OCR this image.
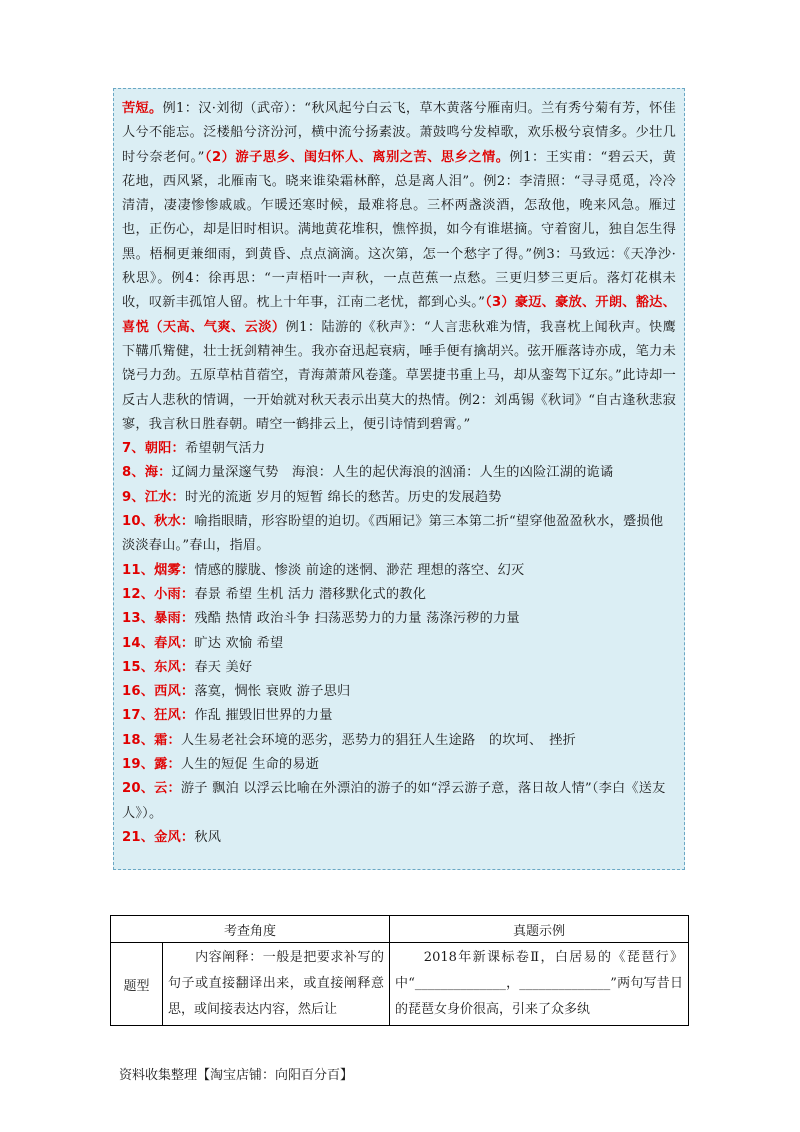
苦短。例1：汉·刘彻（武帝）：“秋风起兮白云飞，草木黄落兮雁南归。兰有秀兮菊有芳，怀佳人兮不能忘。泛楼船兮济汾河，横中流兮扬素波。萧鼓鸣兮发棹歌，欢乐极兮哀情多。少壮几时兮奈老何。”（2）游子思乡、闺妇怀人、离别之苦、思乡之情。例1：王实甫：“碧云天，黄花地，西风紧，北雁南飞。晓来谁染霜林醉，总是离人泪”。例2：李清照：“寻寻觅觅，冷冷清清，凄凄惨惨戚戚。乍暖还寒时候，最难将息。三杯两盏淡酒，怎敌他，晚来风急。雁过也，正伤心，却是旧时相识。满地黄花堆积，憔悴损，如今有谁堪摘。守着窗儿，独自怎生得黑。梧桐更兼细雨，到黄昏、点点滴滴。这次第，怎一个愁字了得。”例3：马致远：《天净沙·秋思》。例4：徐再思：“一声梧叶一声秋，一点芭蕉一点愁。三更归梦三更后。落灯花棋未收，叹新丰孤馆人留。枕上十年事，江南二老忧，都到心头。”（3）豪迈、豪放、开朗、豁达、喜悦（天高、气爽、云淡）例1：陆游的《秋声》：“人言悲秋难为情，我喜枕上闻秋声。快鹰下鞲爪觜健，壮士抚剑精神生。我亦奋迅起衰病，唾手便有擒胡兴。弦开雁落诗亦成，笔力未饶弓力劲。五原草枯苜蓿空，青海萧萧风卷蓬。草罢捷书重上马，却从銮驾下辽东。”此诗却一反古人悲秋的情调，一开始就对秋天表示出莫大的热情。例2：刘禹锡《秋词》“自古逢秋悲寂寥，我言秋日胜春朝。晴空一鹤排云上，便引诗情到碧霄。”

7、朝阳：希望朝气活力

8、海：辽阔力量深邃气势　海浪：人生的起伏海浪的汹涌：人生的凶险江湖的诡谲

9、江水：时光的流逝 岁月的短暂 绵长的愁苦。历史的发展趋势

10、秋水：喻指眼睛，形容盼望的迫切。《西厢记》第三本第二折“望穿他盈盈秋水，蹙损他淡淡春山。”春山，指眉。

11、烟雾：情感的朦胧、惨淡 前途的迷惘、渺茫 理想的落空、幻灭

12、小雨：春景 希望 生机 活力 潜移默化式的教化

13、暴雨：残酷 热情 政治斗争 扫荡恶势力的力量 荡涤污秽的力量

14、春风：旷达 欢愉 希望

15、东风：春天 美好

16、西风：落寞，惆怅 衰败 游子思归

17、狂风：作乱 摧毁旧世界的力量

18、霜：人生易老社会环境的恶劣，恶势力的猖狂人生途路　的坎坷、　挫折

19、露：人生的短促 生命的易逝

20、云：游子 飘泊 以浮云比喻在外漂泊的游子的如“浮云游子意，落日故人情”（李白《送友人》）。

21、金风：秋风

考查角度		真题示例
题型	　　内容阐释：一般是把要求补写的句子或直接翻译出来，或直接阐释意思，或间接表达内容，然后让	　　2018年新课标卷Ⅱ，白居易的《琵琶行》中“______________，______________”两句写昔日的琵琶女身价很高，引来了众多纨
资料收集整理【淘宝店铺：向阳百分百】
